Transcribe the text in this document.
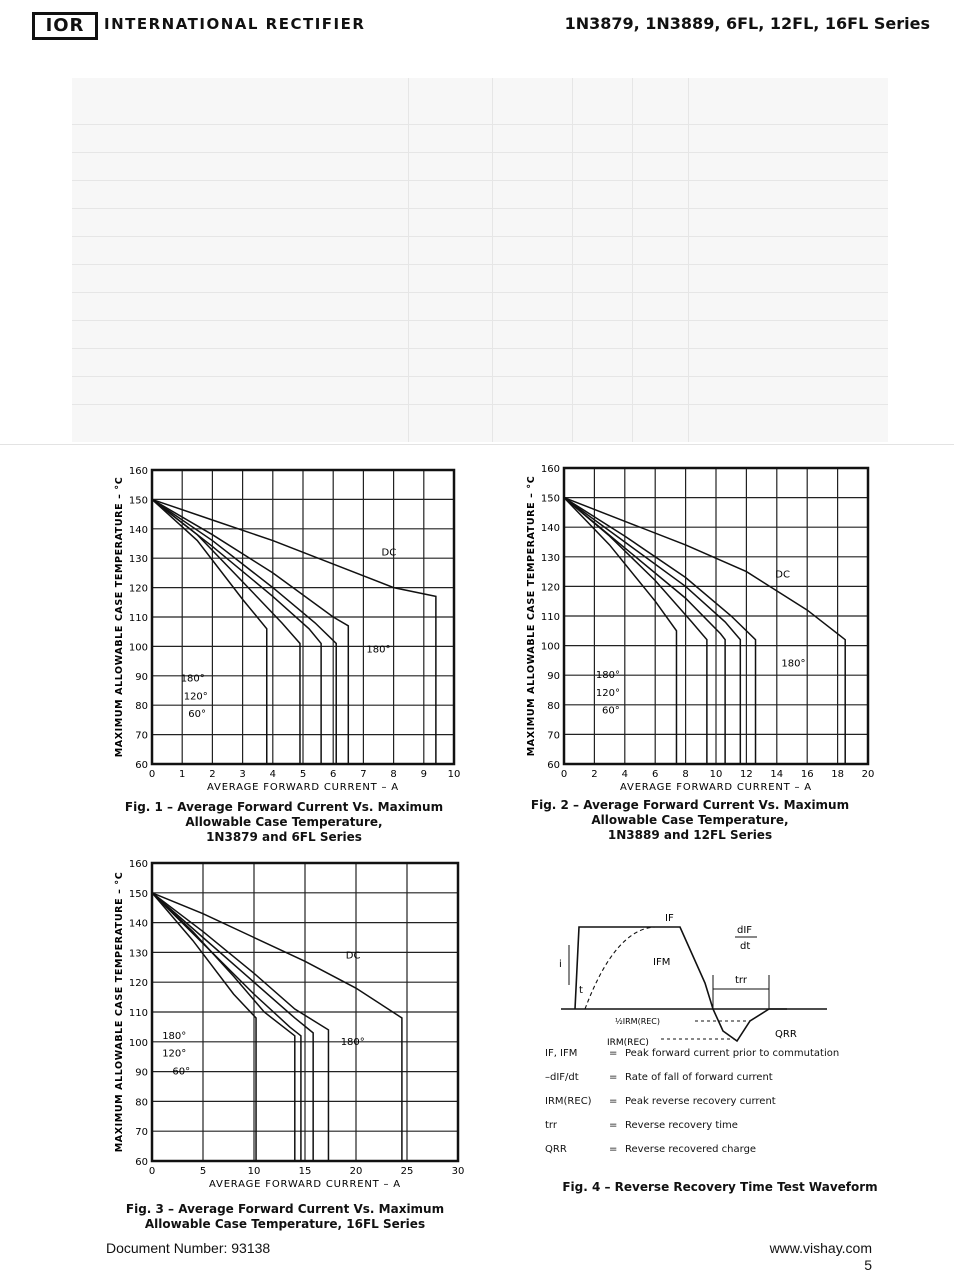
IOR	INTERNATIONAL RECTIFIER	1N3879, 1N3889, 6FL, 12FL, 16FL Series
0 1 2 3 4 5 6 7 8 9 10
60
70
80
90
100
110
120
130
140
150
160
AVERAGE FORWARD CURRENT – A
MAXIMUM ALLOWABLE CASE TEMPERATURE – °C	DC
180°
180°
120°
60°
Fig. 1 – Average Forward Current Vs. Maximum
Allowable Case Temperature,
1N3879 and 6FL Series
0 2 4 6 8 10 12 14 16 18 20
60
70
80
90
100
110
120
130
140
150
160
AVERAGE FORWARD CURRENT – A
MAXIMUM ALLOWABLE CASE TEMPERATURE – °C	DC
180°
180°
120°
60°
Fig. 2 – Average Forward Current Vs. Maximum
Allowable Case Temperature,
1N3889 and 12FL Series
0	5	10	15	20	25	30
60
70
80
90
100
110
120
130
140
150
160
AVERAGE FORWARD CURRENT – A
MAXIMUM ALLOWABLE CASE TEMPERATURE – °C	DC
180°
180°
120°
60°
Fig. 3 – Average Forward Current Vs. Maximum
Allowable Case Temperature, 16FL Series
IF
dIF
dt
IFM
trr
½IRM(REC)
QRR
IRM(REC)
i
t
IF, IFM	= Peak forward current prior to commutation
–dIF/dt	= Rate of fall of forward current
IRM(REC) = Peak reverse recovery current
trr	= Reverse recovery time
QRR	= Reverse recovered charge
Fig. 4 – Reverse Recovery Time Test Waveform
Document Number: 93138	www.vishay.com
5
